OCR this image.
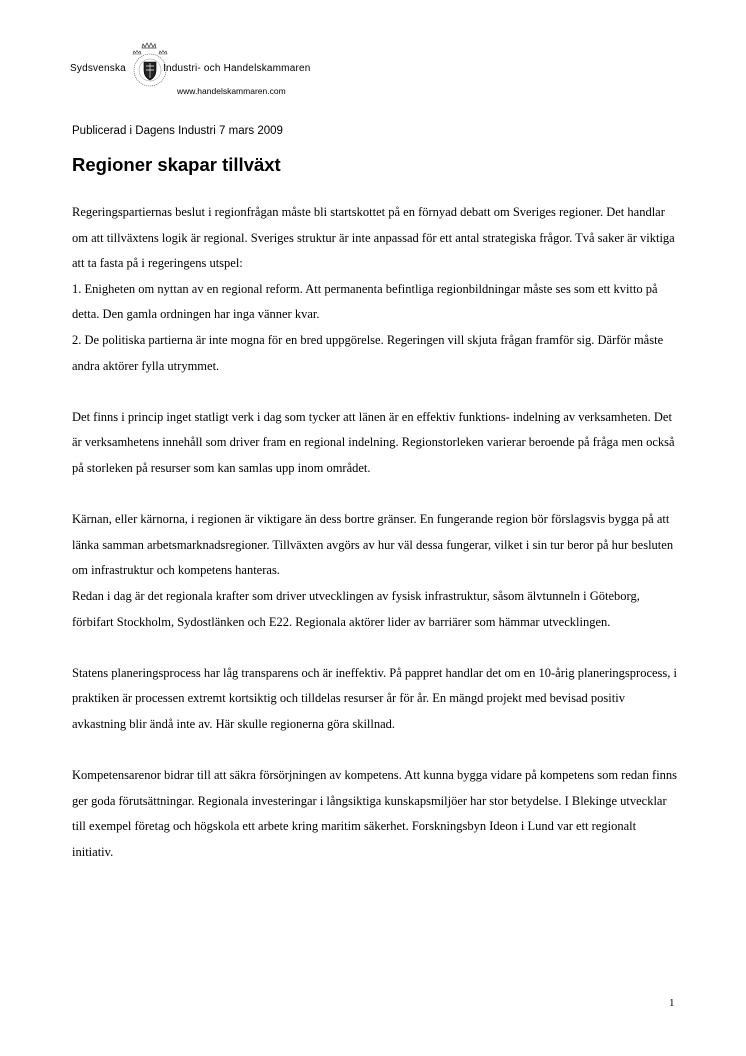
Sydsvenska	Industri- och Handelskammaren
www.handelskammaren.com
Publicerad i Dagens Industri 7 mars 2009
Regioner skapar tillväxt

Regeringspartiernas beslut i regionfrågan måste bli startskottet på en förnyad debatt om Sveriges regioner. Det handlar om att tillväxtens logik är regional. Sveriges struktur är inte anpassad för ett antal strategiska frågor. Två saker är viktiga att ta fasta på i regeringens utspel:
1. Enigheten om nyttan av en regional reform. Att permanenta befintliga regionbildningar måste ses som ett kvitto på detta. Den gamla ordningen har inga vänner kvar.
2. De politiska partierna är inte mogna för en bred uppgörelse. Regeringen vill skjuta frågan framför sig. Därför måste andra aktörer fylla utrymmet.

Det finns i princip inget statligt verk i dag som tycker att länen är en effektiv funktions- indelning av verksamheten. Det är verksamhetens innehåll som driver fram en regional indelning. Regionstorleken varierar beroende på fråga men också på storleken på resurser som kan samlas upp inom området.

Kärnan, eller kärnorna, i regionen är viktigare än dess bortre gränser. En fungerande region bör förslagsvis bygga på att länka samman arbetsmarknadsregioner. Tillväxten avgörs av hur väl dessa fungerar, vilket i sin tur beror på hur besluten om infrastruktur och kompetens hanteras.
Redan i dag är det regionala krafter som driver utvecklingen av fysisk infrastruktur, såsom älvtunneln i Göteborg, förbifart Stockholm, Sydostlänken och E22. Regionala aktörer lider av barriärer som hämmar utvecklingen.

Statens planeringsprocess har låg transparens och är ineffektiv. På pappret handlar det om en 10-årig planeringsprocess, i praktiken är processen extremt kortsiktig och tilldelas resurser år för år. En mängd projekt med bevisad positiv avkastning blir ändå inte av. Här skulle regionerna göra skillnad.

Kompetensarenor bidrar till att säkra försörjningen av kompetens. Att kunna bygga vidare på kompetens som redan finns ger goda förutsättningar. Regionala investeringar i långsiktiga kunskapsmiljöer har stor betydelse. I Blekinge utvecklar till exempel företag och högskola ett arbete kring maritim säkerhet. Forskningsbyn Ideon i Lund var ett regionalt initiativ.

1
